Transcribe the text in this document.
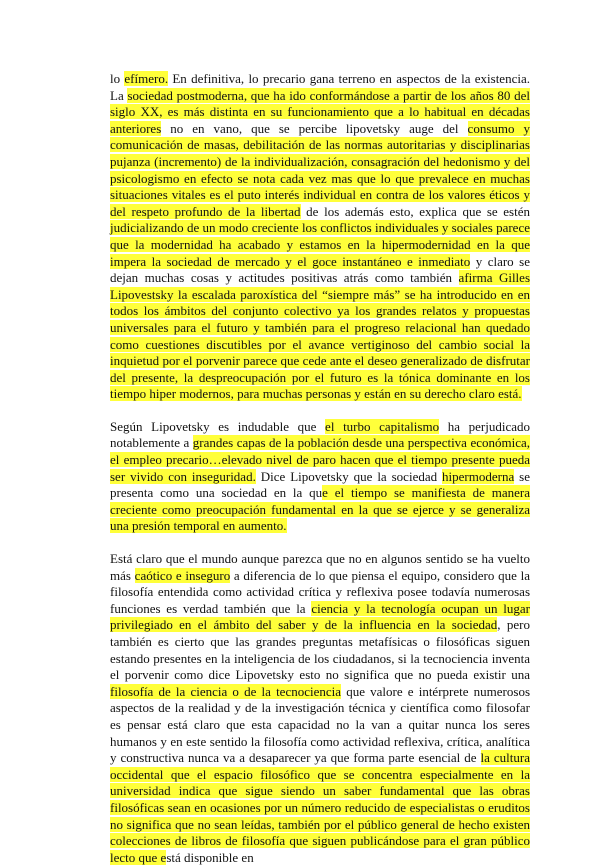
lo efímero. En definitiva, lo precario gana terreno en aspectos de la existencia. La sociedad postmoderna, que ha ido conformándose a partir de los años 80 del siglo XX, es más distinta en su funcionamiento que a lo habitual en décadas anteriores no en vano, que se percibe lipovetsky auge del consumo y comunicación de masas, debilitación de las normas autoritarias y disciplinarias pujanza (incremento) de la individualización, consagración del hedonismo y del psicologismo en efecto se nota cada vez mas que lo que prevalece en muchas situaciones vitales es el puto interés individual en contra de los valores éticos y del respeto profundo de la libertad de los además esto, explica que se estén judicializando de un modo creciente los conflictos individuales y sociales parece que la modernidad ha acabado y estamos en la hipermodernidad en la que impera la sociedad de mercado y el goce instantáneo e inmediato y claro se dejan muchas cosas y actitudes positivas atrás como también afirma Gilles Lipovestsky la escalada paroxística del “siempre más” se ha introducido en en todos los ámbitos del conjunto colectivo ya los grandes relatos y propuestas universales para el futuro y también para el progreso relacional han quedado como cuestiones discutibles por el avance vertiginoso del cambio social la inquietud por el porvenir parece que cede ante el deseo generalizado de disfrutar del presente, la despreocupación por el futuro es la tónica dominante en los tiempo hiper modernos, para muchas personas y están en su derecho claro está.

Según Lipovetsky es indudable que el turbo capitalismo ha perjudicado notablemente a grandes capas de la población desde una perspectiva económica, el empleo precario…elevado nivel de paro hacen que el tiempo presente pueda ser vivido con inseguridad. Dice Lipovetsky que la sociedad hipermoderna se presenta como una sociedad en la que el tiempo se manifiesta de manera creciente como preocupación fundamental en la que se ejerce y se generaliza una presión temporal en aumento.

Está claro que el mundo aunque parezca que no en algunos sentido se ha vuelto más caótico e inseguro a diferencia de lo que piensa el equipo, considero que la filosofía entendida como actividad crítica y reflexiva posee todavía numerosas funciones es verdad también que la ciencia y la tecnología ocupan un lugar privilegiado en el ámbito del saber y de la influencia en la sociedad, pero también es cierto que las grandes preguntas metafísicas o filosóficas siguen estando presentes en la inteligencia de los ciudadanos, si la tecnociencia inventa el porvenir como dice Lipovetsky esto no significa que no pueda existir una filosofía de la ciencia o de la tecnociencia que valore e intérprete numerosos aspectos de la realidad y de la investigación técnica y científica como filosofar es pensar está claro que esta capacidad no la van a quitar nunca los seres humanos y en este sentido la filosofía como actividad reflexiva, crítica, analítica y constructiva nunca va a desaparecer ya que forma parte esencial de la cultura occidental que el espacio filosófico que se concentra especialmente en la universidad indica que sigue siendo un saber fundamental que las obras filosóficas sean en ocasiones por un número reducido de especialistas o eruditos no significa que no sean leídas, también por el público general de hecho existen colecciones de libros de filosofía que siguen publicándose para el gran público lecto que está disponible en
